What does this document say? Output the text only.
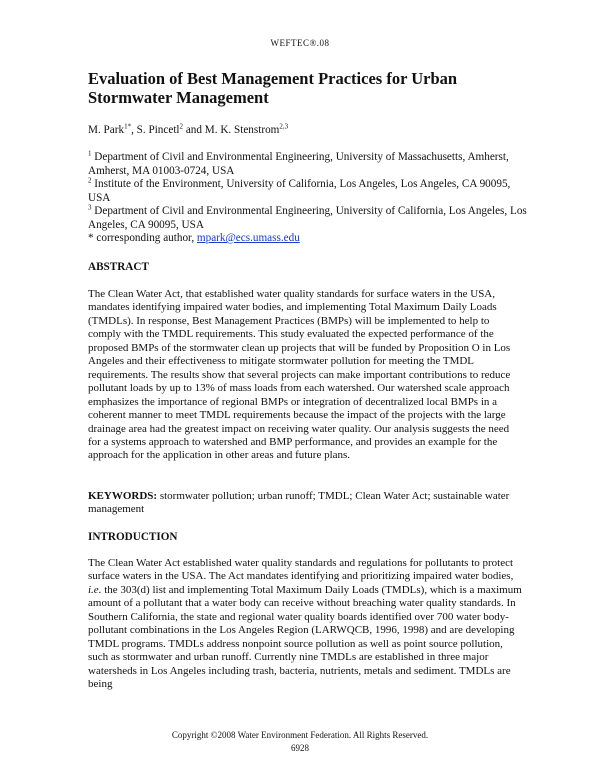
WEFTEC®.08
Evaluation of Best Management Practices for Urban Stormwater Management
M. Park$^{1*}$, S. Pincetl$^2$ and M. K. Stenstrom$^{2,3}$
$^1$ Department of Civil and Environmental Engineering, University of Massachusetts, Amherst, Amherst, MA 01003-0724, USA
$^2$ Institute of the Environment, University of California, Los Angeles, Los Angeles, CA 90095, USA
$^3$ Department of Civil and Environmental Engineering, University of California, Los Angeles, Los Angeles, CA 90095, USA
* corresponding author, mpark@ecs.umass.edu
ABSTRACT
The Clean Water Act, that established water quality standards for surface waters in the USA, mandates identifying impaired water bodies, and implementing Total Maximum Daily Loads (TMDLs). In response, Best Management Practices (BMPs) will be implemented to help to comply with the TMDL requirements. This study evaluated the expected performance of the proposed BMPs of the stormwater clean up projects that will be funded by Proposition O in Los Angeles and their effectiveness to mitigate stormwater pollution for meeting the TMDL requirements. The results show that several projects can make important contributions to reduce pollutant loads by up to 13% of mass loads from each watershed. Our watershed scale approach emphasizes the importance of regional BMPs or integration of decentralized local BMPs in a coherent manner to meet TMDL requirements because the impact of the projects with the large drainage area had the greatest impact on receiving water quality. Our analysis suggests the need for a systems approach to watershed and BMP performance, and provides an example for the approach for the application in other areas and future plans.
KEYWORDS: stormwater pollution; urban runoff; TMDL; Clean Water Act; sustainable water management
INTRODUCTION
The Clean Water Act established water quality standards and regulations for pollutants to protect surface waters in the USA. The Act mandates identifying and prioritizing impaired water bodies, i.e. the 303(d) list and implementing Total Maximum Daily Loads (TMDLs), which is a maximum amount of a pollutant that a water body can receive without breaching water quality standards. In Southern California, the state and regional water quality boards identified over 700 water body-pollutant combinations in the Los Angeles Region (LARWQCB, 1996, 1998) and are developing TMDL programs. TMDLs address nonpoint source pollution as well as point source pollution, such as stormwater and urban runoff. Currently nine TMDLs are established in three major watersheds in Los Angeles including trash, bacteria, nutrients, metals and sediment. TMDLs are being
Copyright ©2008 Water Environment Federation. All Rights Reserved.
6928
